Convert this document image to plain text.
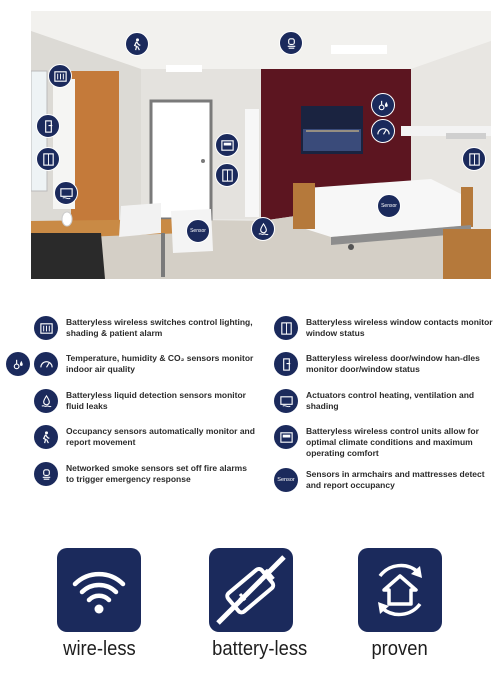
Sensor
Sensor
Batteryless wireless switches control lighting, shading & patient alarm
Temperature, humidity & CO₂ sensors monitor indoor air quality
Batteryless liquid detection sensors monitor fluid leaks
Occupancy sensors automatically monitor and report movement
Networked smoke sensors set off fire alarms to trigger emergency response
Batteryless wireless window contacts monitor window status
Batteryless wireless door/window han-dles monitor door/window status
Actuators control heating, ventilation and shading
Batteryless wireless control units allow for optimal climate conditions and maximum operating comfort
Sensor
Sensors in armchairs and mattresses detect and report occupancy
wire-less	battery-less	proven
